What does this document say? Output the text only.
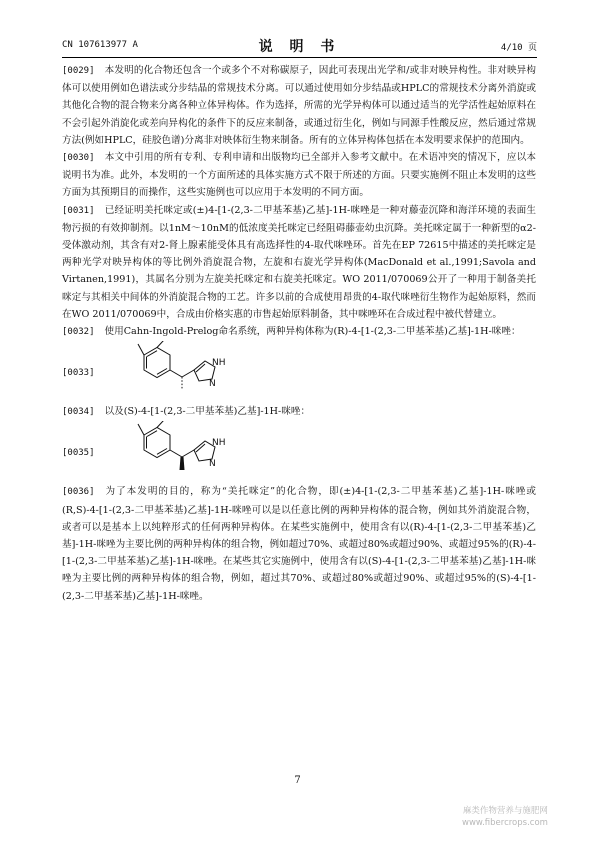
CN 107613977 A	说 明 书	4/10 页

[0029] 本发明的化合物还包含一个或多个不对称碳原子，因此可表现出光学和/或非对映异构性。非对映异构体可以使用例如色谱法或分步结晶的常规技术分离。可以通过使用如分步结晶或HPLC的常规技术分离外消旋或其他化合物的混合物来分离各种立体异构体。作为选择，所需的光学异构体可以通过适当的光学活性起始原料在不会引起外消旋化或差向异构化的条件下的反应来制备，或通过衍生化，例如与同源手性酸反应，然后通过常规方法(例如HPLC，硅胶色谱)分离非对映体衍生物来制备。所有的立体异构体包括在本发明要求保护的范围内。

[0030] 本文中引用的所有专利、专利申请和出版物均已全部并入参考文献中。在术语冲突的情况下，应以本说明书为准。此外，本发明的一个方面所述的具体实施方式不限于所述的方面。只要实施例不阻止本发明的这些方面为其预期目的而操作，这些实施例也可以应用于本发明的不同方面。

[0031] 已经证明美托咪定或(±)4-[1-(2,3-二甲基苯基)乙基]-1H-咪唑是一种对藤壶沉降和海洋环境的表面生物污损的有效抑制剂。以1nM～10nM的低浓度美托咪定已经阻碍藤壶幼虫沉降。美托咪定属于一种新型的α2-受体激动剂，其含有对2-肾上腺素能受体具有高选择性的4-取代咪唑环。首先在EP 72615中描述的美托咪定是两种光学对映异构体的等比例外消旋混合物，左旋和右旋光学异构体(MacDonald et al.,1991;Savola and Virtanen,1991)，其属名分别为左旋美托咪定和右旋美托咪定。WO 2011/070069公开了一种用于制备美托咪定与其相关中间体的外消旋混合物的工艺。许多以前的合成使用昂贵的4-取代咪唑衍生物作为起始原料，然而在WO 2011/070069中，合成由价格实惠的市售起始原料制备，其中咪唑环在合成过程中被代替建立。

[0032] 使用Cahn-Ingold-Prelog命名系统，两种异构体称为(R)-4-[1-(2,3-二甲基苯基)乙基]-1H-咪唑：

[0033]
NH
N

[0034] 以及(S)-4-[1-(2,3-二甲基苯基)乙基]-1H-咪唑：

[0035]
NH
N

[0036] 为了本发明的目的，称为“美托咪定”的化合物，即(±)4-[1-(2,3-二甲基苯基)乙基]-1H-咪唑或(R,S)-4-[1-(2,3-二甲基苯基)乙基]-1H-咪唑可以是以任意比例的两种异构体的混合物，例如其外消旋混合物，或者可以是基本上以纯粹形式的任何两种异构体。在某些实施例中，使用含有以(R)-4-[1-(2,3-二甲基苯基)乙基]-1H-咪唑为主要比例的两种异构体的组合物，例如超过70%、或超过80%或超过90%、或超过95%的(R)-4-[1-(2,3-二甲基苯基)乙基]-1H-咪唑。在某些其它实施例中，使用含有以(S)-4-[1-(2,3-二甲基苯基)乙基]-1H-咪唑为主要比例的两种异构体的组合物，例如，超过其70%、或超过80%或超过90%、或超过95%的(S)-4-[1-(2,3-二甲基苯基)乙基]-1H-咪唑。

7
麻类作物营养与施肥网
www.fibercrops.com
